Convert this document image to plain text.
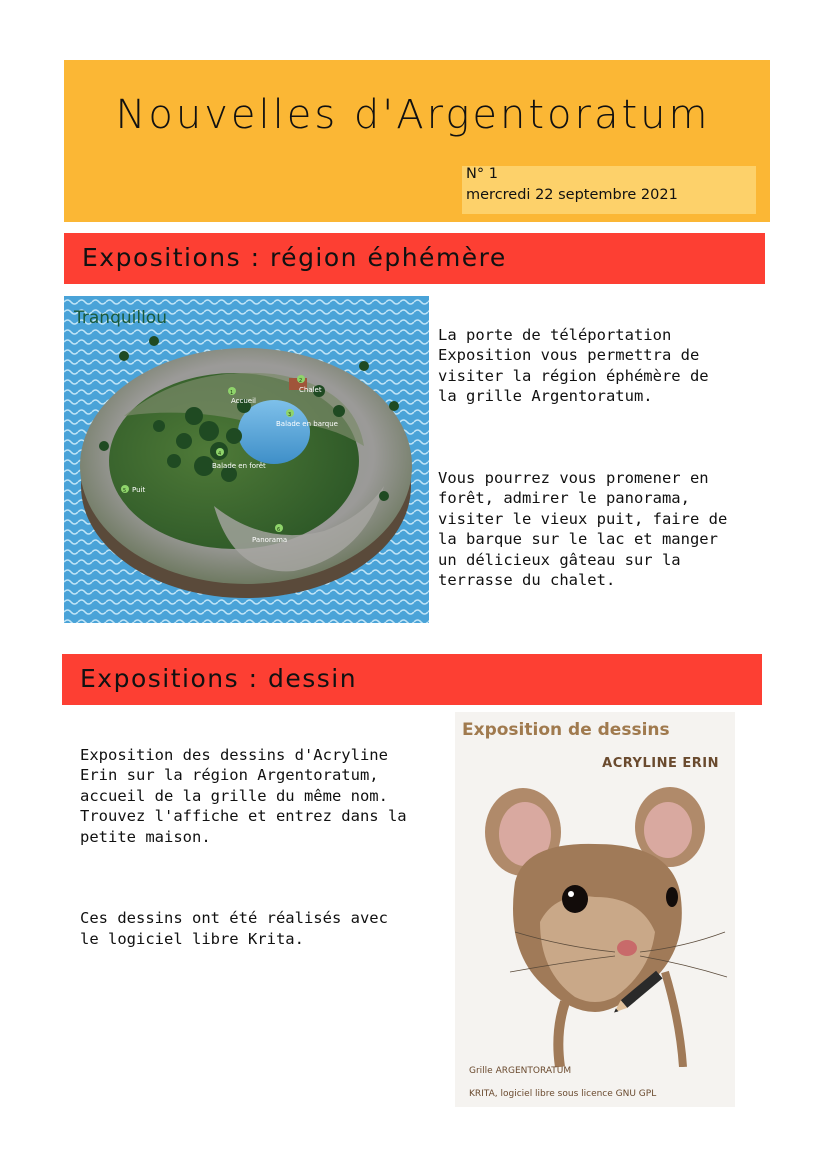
Nouvelles d'Argentoratum
N° 1
mercredi 22 septembre 2021
Expositions : région éphémère
Tranquillou
1
Accueil
2
Chalet
3
Balade en barque
4
Balade en forêt
5 Puit
6
Panorama

La porte de téléportation
Exposition vous permettra de
visiter la région éphémère de
la grille Argentoratum.

Vous pourrez vous promener en
forêt, admirer le panorama,
visiter le vieux puit, faire de
la barque sur le lac et manger
un délicieux gâteau sur la
terrasse du chalet.

Expositions : dessin

Exposition des dessins d'Acryline
Erin sur la région Argentoratum,
accueil de la grille du même nom.
Trouvez l'affiche et entrez dans la
petite maison.

Ces dessins ont été réalisés avec
le logiciel libre Krita.

Exposition de dessins
ACRYLINE ERIN
Grille ARGENTORATUM
KRITA, logiciel libre sous licence GNU GPL
